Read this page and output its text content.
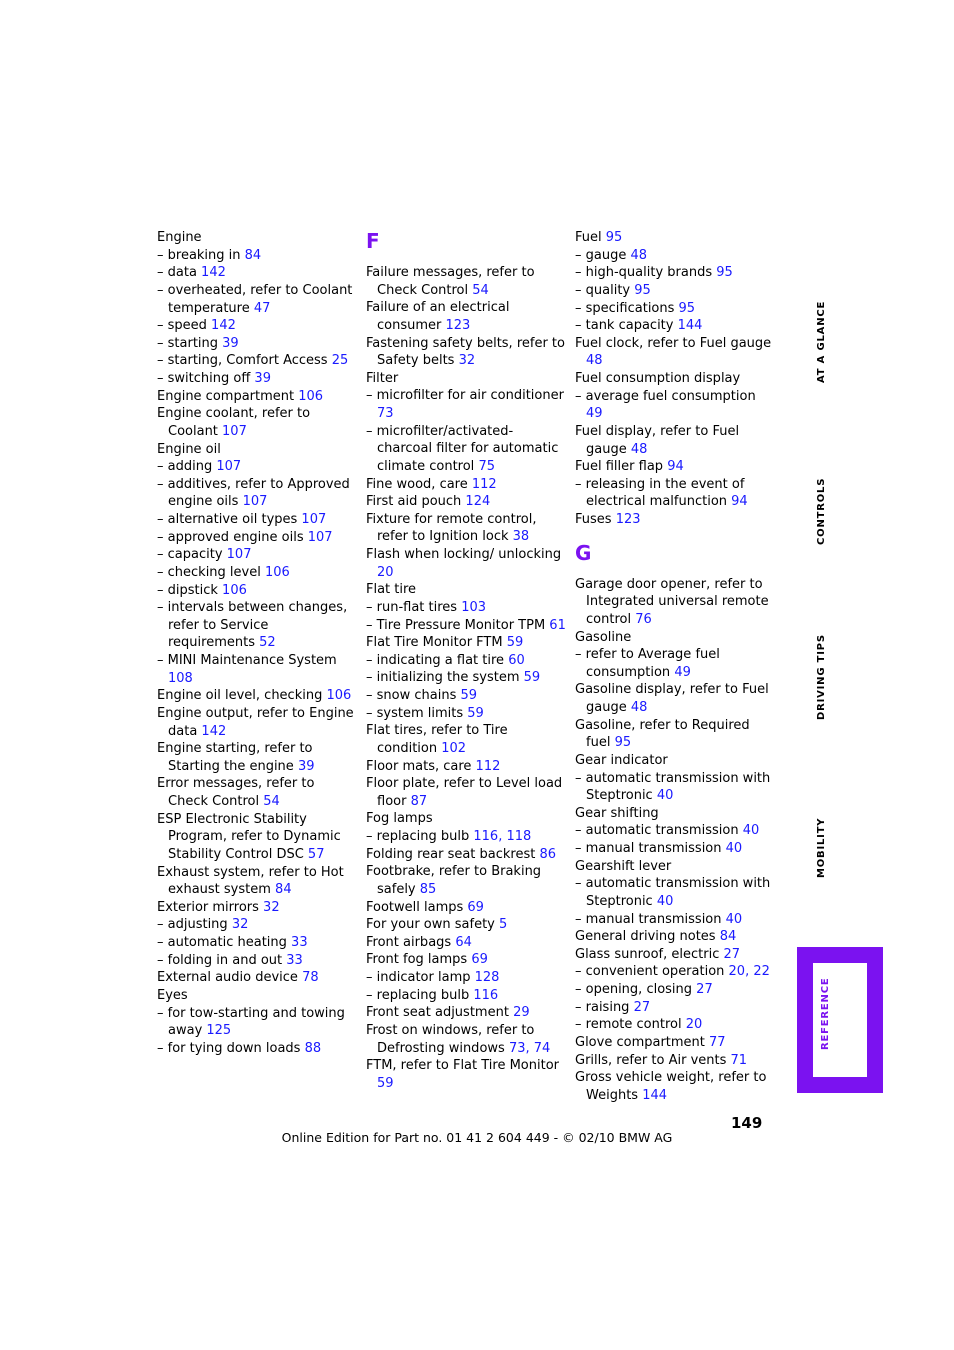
Engine
– breaking in 84
– data 142
– overheated, refer to Coolant temperature 47
– speed 142
– starting 39
– starting, Comfort Access 25
– switching off 39
Engine compartment 106
Engine coolant, refer to Coolant 107
Engine oil
– adding 107
– additives, refer to Approved engine oils 107
– alternative oil types 107
– approved engine oils 107
– capacity 107
– checking level 106
– dipstick 106
– intervals between changes, refer to Service requirements 52
– MINI Maintenance System 108
Engine oil level, checking 106
Engine output, refer to Engine data 142
Engine starting, refer to Starting the engine 39
Error messages, refer to Check Control 54
ESP Electronic Stability Program, refer to Dynamic Stability Control DSC 57
Exhaust system, refer to Hot exhaust system 84
Exterior mirrors 32
– adjusting 32
– automatic heating 33
– folding in and out 33
External audio device 78
Eyes
– for tow-starting and towing away 125
– for tying down loads 88
F
Failure messages, refer to Check Control 54
Failure of an electrical consumer 123
Fastening safety belts, refer to Safety belts 32
Filter
– microfilter for air conditioner 73
– microfilter/activated-charcoal filter for automatic climate control 75
Fine wood, care 112
First aid pouch 124
Fixture for remote control, refer to Ignition lock 38
Flash when locking/ unlocking 20
Flat tire
– run-flat tires 103
– Tire Pressure Monitor TPM 61
Flat Tire Monitor FTM 59
– indicating a flat tire 60
– initializing the system 59
– snow chains 59
– system limits 59
Flat tires, refer to Tire condition 102
Floor mats, care 112
Floor plate, refer to Level load floor 87
Fog lamps
– replacing bulb 116, 118
Folding rear seat backrest 86
Footbrake, refer to Braking safely 85
Footwell lamps 69
For your own safety 5
Front airbags 64
Front fog lamps 69
– indicator lamp 128
– replacing bulb 116
Front seat adjustment 29
Frost on windows, refer to Defrosting windows 73, 74
FTM, refer to Flat Tire Monitor 59
Fuel 95
– gauge 48
– high-quality brands 95
– quality 95
– specifications 95
– tank capacity 144
Fuel clock, refer to Fuel gauge 48
Fuel consumption display
– average fuel consumption 49
Fuel display, refer to Fuel gauge 48
Fuel filler flap 94
– releasing in the event of electrical malfunction 94
Fuses 123
G
Garage door opener, refer to Integrated universal remote control 76
Gasoline
– refer to Average fuel consumption 49
Gasoline display, refer to Fuel gauge 48
Gasoline, refer to Required fuel 95
Gear indicator
– automatic transmission with Steptronic 40
Gear shifting
– automatic transmission 40
– manual transmission 40
Gearshift lever
– automatic transmission with Steptronic 40
– manual transmission 40
General driving notes 84
Glass sunroof, electric 27
– convenient operation 20, 22
– opening, closing 27
– raising 27
– remote control 20
Glove compartment 77
Grills, refer to Air vents 71
Gross vehicle weight, refer to Weights 144
AT A GLANCE
CONTROLS
DRIVING TIPS
MOBILITY
REFERENCE
149
Online Edition for Part no. 01 41 2 604 449 - © 02/10 BMW AG
